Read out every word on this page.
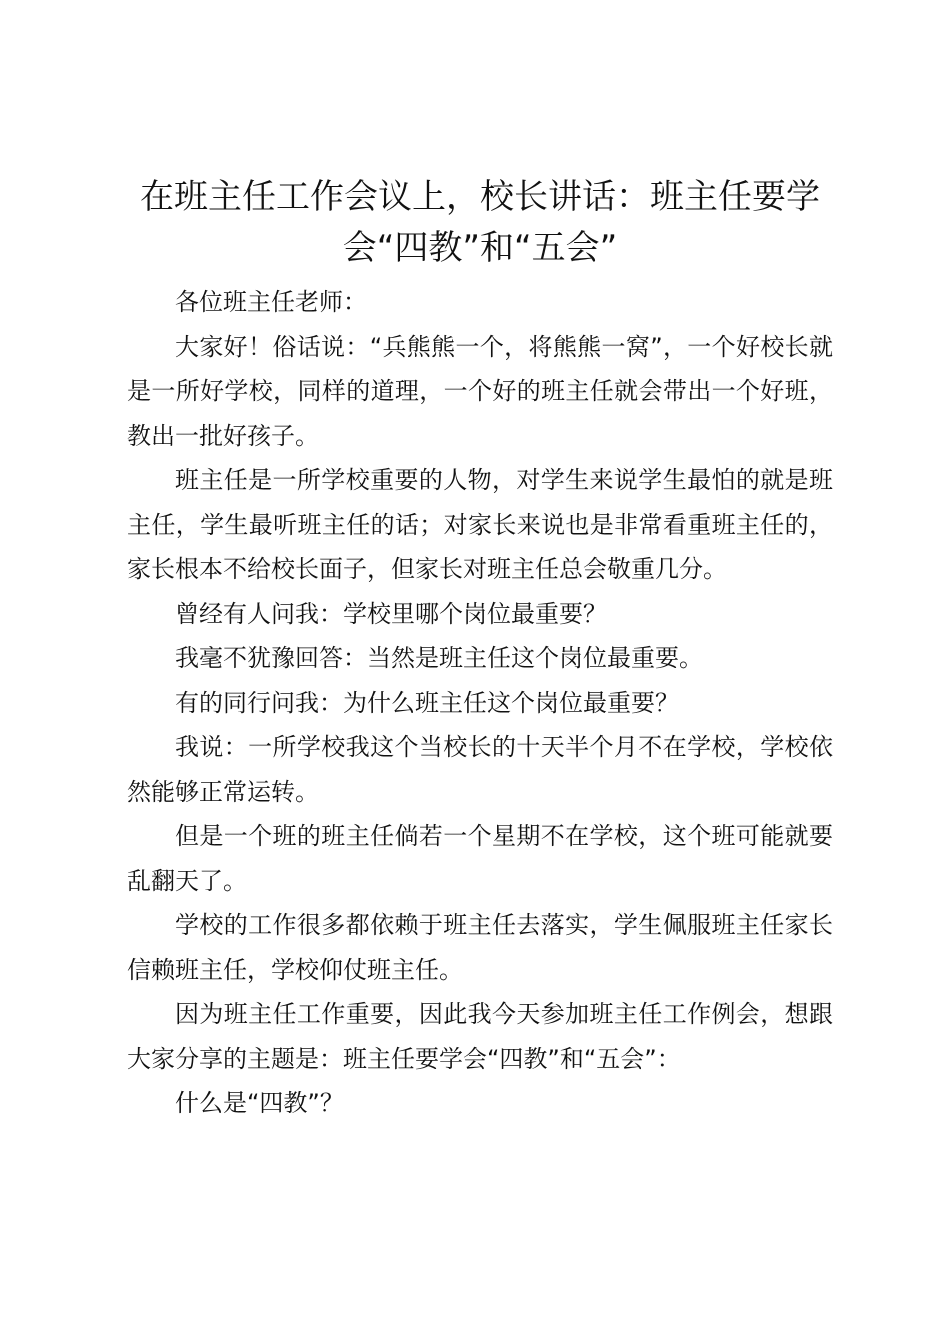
在班主任工作会议上，校长讲话：班主任要学会“四教”和“五会”

各位班主任老师：

大家好！俗话说：“兵熊熊一个，将熊熊一窝”，一个好校长就是一所好学校，同样的道理，一个好的班主任就会带出一个好班，教出一批好孩子。

班主任是一所学校重要的人物，对学生来说学生最怕的就是班主任，学生最听班主任的话；对家长来说也是非常看重班主任的，家长根本不给校长面子，但家长对班主任总会敬重几分。

曾经有人问我：学校里哪个岗位最重要？

我毫不犹豫回答：当然是班主任这个岗位最重要。

有的同行问我：为什么班主任这个岗位最重要？

我说：一所学校我这个当校长的十天半个月不在学校，学校依然能够正常运转。

但是一个班的班主任倘若一个星期不在学校，这个班可能就要乱翻天了。

学校的工作很多都依赖于班主任去落实，学生佩服班主任家长信赖班主任，学校仰仗班主任。

因为班主任工作重要，因此我今天参加班主任工作例会，想跟大家分享的主题是：班主任要学会“四教”和“五会”：

什么是“四教”？
